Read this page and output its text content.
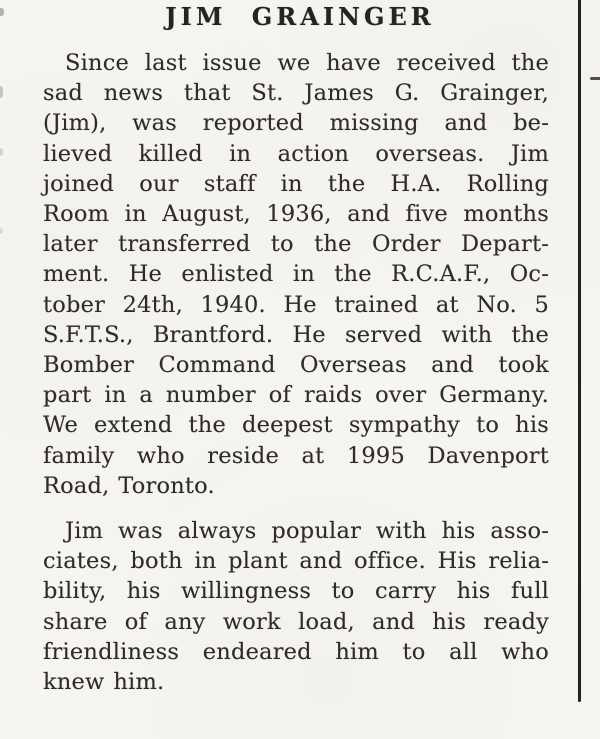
JIM GRAINGER
Since last issue we have received the
sad news that St. James G. Grainger,
(Jim), was reported missing and be-
lieved killed in action overseas. Jim
joined our staff in the H.A. Rolling
Room in August, 1936, and five months
later transferred to the Order Depart-
ment. He enlisted in the R.C.A.F., Oc-
tober 24th, 1940. He trained at No. 5
S.F.T.S., Brantford. He served with the
Bomber Command Overseas and took
part in a number of raids over Germany.
We extend the deepest sympathy to his
family who reside at 1995 Davenport
Road, Toronto.
Jim was always popular with his asso-
ciates, both in plant and office. His relia-
bility, his willingness to carry his full
share of any work load, and his ready
friendliness endeared him to all who
knew him.
